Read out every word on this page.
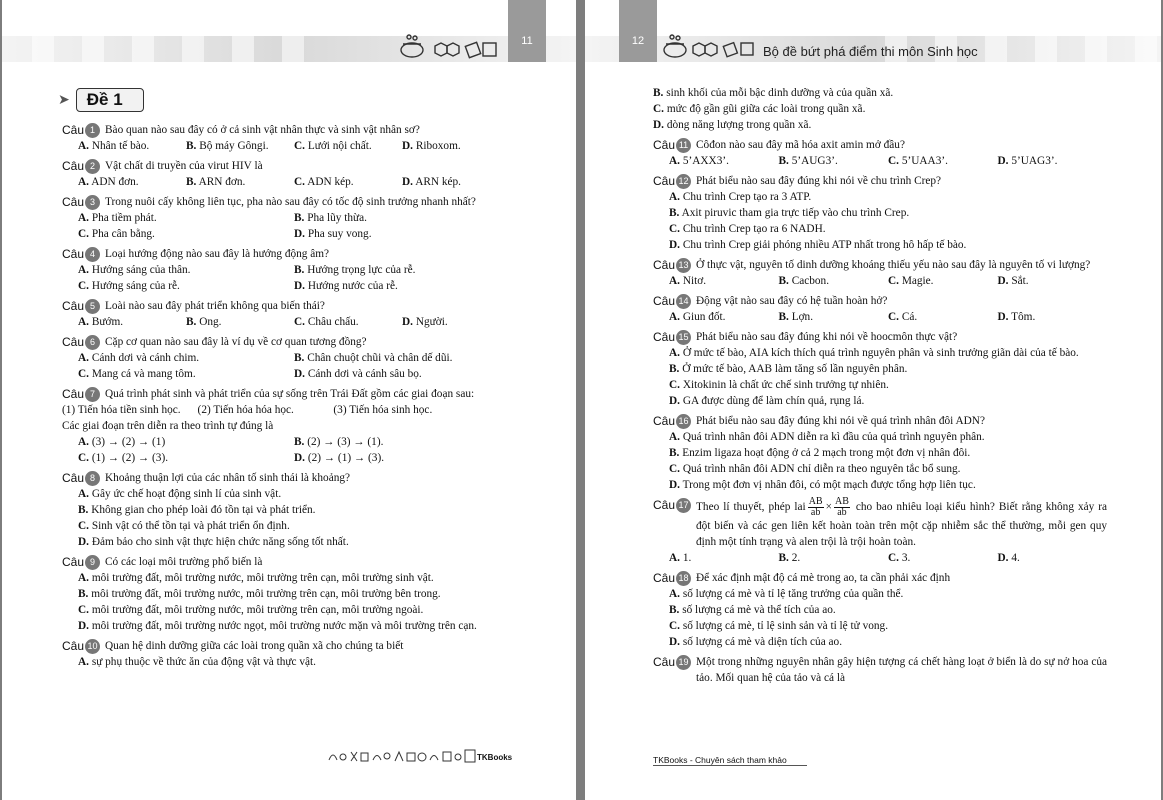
11
➤	Đề 1
Câu 1 Bào quan nào sau đây có ở cả sinh vật nhân thực và sinh vật nhân sơ?
A. Nhân tế bào.	B. Bộ máy Gôngi.	C. Lưới nội chất.	D. Riboxom.
Câu 2 Vật chất di truyền của virut HIV là
A. ADN đơn.	B. ARN đơn.	C. ADN kép.	D. ARN kép.
Câu 3 Trong nuôi cấy không liên tục, pha nào sau đây có tốc độ sinh trưởng nhanh nhất?
A. Pha tiềm phát.	B. Pha lũy thừa.
C. Pha cân bằng.	D. Pha suy vong.
Câu 4 Loại hướng động nào sau đây là hướng động âm?
A. Hướng sáng của thân.	B. Hướng trọng lực của rễ.
C. Hướng sáng của rễ.	D. Hướng nước của rễ.
Câu 5 Loài nào sau đây phát triển không qua biến thái?
A. Bướm.	B. Ong.	C. Châu chấu.	D. Người.
Câu 6 Cặp cơ quan nào sau đây là ví dụ về cơ quan tương đồng?
A. Cánh dơi và cánh chim.	B. Chân chuột chũi và chân dế dũi.
C. Mang cá và mang tôm.	D. Cánh dơi và cánh sâu bọ.
Câu 7 Quá trình phát sinh và phát triển của sự sống trên Trái Đất gồm các giai đoạn sau:
(1) Tiến hóa tiền sinh học.      (2) Tiến hóa hóa học.              (3) Tiến hóa sinh học.
Các giai đoạn trên diễn ra theo trình tự đúng là
A. (3) → (2) → (1)	B. (2) → (3) → (1).
C. (1) → (2) → (3).	D. (2) → (1) → (3).
Câu 8 Khoảng thuận lợi của các nhân tố sinh thái là khoảng?
A. Gây ức chế hoạt động sinh lí của sinh vật.
B. Không gian cho phép loài đó tồn tại và phát triển.
C. Sinh vật có thể tồn tại và phát triển ổn định.
D. Đảm bảo cho sinh vật thực hiện chức năng sống tốt nhất.
Câu 9 Có các loại môi trường phổ biến là
A. môi trường đất, môi trường nước, môi trường trên cạn, môi trường sinh vật.
B. môi trường đất, môi trường nước, môi trường trên cạn, môi trường bên trong.
C. môi trường đất, môi trường nước, môi trường trên cạn, môi trường ngoài.
D. môi trường đất, môi trường nước ngọt, môi trường nước mặn và môi trường trên cạn.
Câu 10 Quan hệ dinh dưỡng giữa các loài trong quần xã cho chúng ta biết
A. sự phụ thuộc về thức ăn của động vật và thực vật.
TKBooks
12
Bộ đề bứt phá điểm thi môn Sinh học
B. sinh khối của mỗi bậc dinh dưỡng và của quần xã.
C. mức độ gần gũi giữa các loài trong quần xã.
D. dòng năng lượng trong quần xã.
Câu 11 Côđon nào sau đây mã hóa axit amin mở đầu?
A. 5’AXX3’.	B. 5’AUG3’.	C. 5’UAA3’.	D. 5’UAG3’.
Câu 12 Phát biểu nào sau đây đúng khi nói về chu trình Crep?
A. Chu trình Crep tạo ra 3 ATP.
B. Axit piruvic tham gia trực tiếp vào chu trình Crep.
C. Chu trình Crep tạo ra 6 NADH.
D. Chu trình Crep giải phóng nhiều ATP nhất trong hô hấp tế bào.
Câu 13 Ở thực vật, nguyên tố dinh dưỡng khoáng thiếu yếu nào sau đây là nguyên tố vi lượng?
A. Nitơ.	B. Cacbon.	C. Magie.	D. Sắt.
Câu 14 Động vật nào sau đây có hệ tuần hoàn hở?
A. Giun đốt.	B. Lợn.	C. Cá.	D. Tôm.
Câu 15 Phát biểu nào sau đây đúng khi nói về hoocmôn thực vật?
A. Ở mức tế bào, AIA kích thích quá trình nguyên phân và sinh trưởng giãn dài của tế bào.
B. Ở mức tế bào, AAB làm tăng số lần nguyên phân.
C. Xitokinin là chất ức chế sinh trưởng tự nhiên.
D. GA được dùng để làm chín quả, rụng lá.
Câu 16 Phát biểu nào sau đây đúng khi nói về quá trình nhân đôi ADN?
A. Quá trình nhân đôi ADN diễn ra kì đầu của quá trình nguyên phân.
B. Enzim ligaza hoạt động ở cả 2 mạch trong một đơn vị nhân đôi.
C. Quá trình nhân đôi ADN chỉ diễn ra theo nguyên tắc bổ sung.
D. Trong một đơn vị nhân đôi, có một mạch được tổng hợp liên tục.
Câu 17 Theo lí thuyết, phép lai $\frac{AB}{ab} \times \frac{AB}{ab}$ cho bao nhiêu loại kiểu hình? Biết rằng không xảy ra đột biến và các gen liên kết hoàn toàn trên một cặp nhiễm sắc thể thường, mỗi gen quy định một tính trạng và alen trội là trội hoàn toàn.
A. 1.	B. 2.	C. 3.	D. 4.
Câu 18 Để xác định mật độ cá mè trong ao, ta cần phải xác định
A. số lượng cá mè và tỉ lệ tăng trưởng của quần thể.
B. số lượng cá mè và thể tích của ao.
C. số lượng cá mè, tỉ lệ sinh sản và tỉ lệ tử vong.
D. số lượng cá mè và diện tích của ao.
Câu 19 Một trong những nguyên nhân gây hiện tượng cá chết hàng loạt ở biển là do sự nở hoa của tảo. Mối quan hệ của tảo và cá là
TKBooks - Chuyên sách tham khảo
